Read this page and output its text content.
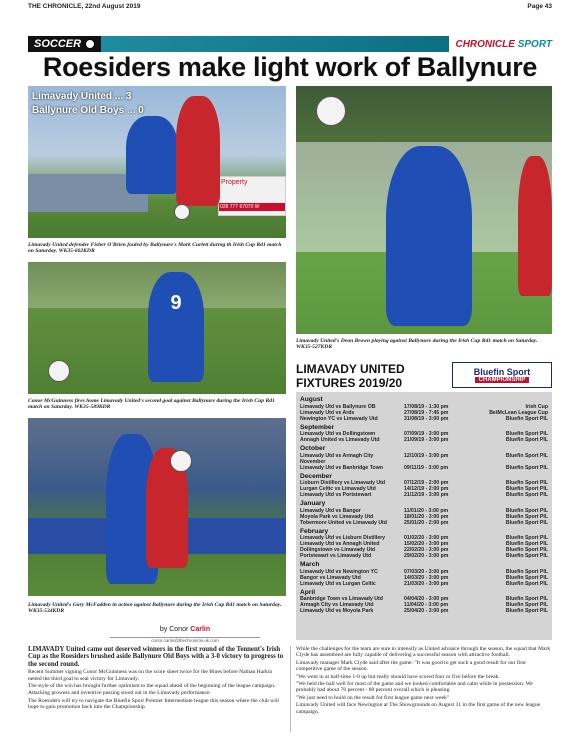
THE CHRONICLE, 22nd August 2019	Page 43
SOCCER	CHRONICLE SPORT
Roesiders make light work of Ballynure
Property
028 777 67070 W
Limavady United ... 3
Ballynure Old Boys ... 0
Limavady United defender Fisher O'Brien fouled by Ballynure's Mark Curlett during th Irish Cup Rd1 match on Saturday. WK35-602KDR
9
Conor McGuinness fires home Limavady United's second goal against Ballynure during the Irish Cup Rd1 match on Saturday. WK35-589KDR
Limavady United's Gary McFadden in action against Ballynure during the Irish Cup Rd1 match on Saturday. WK35-534KDR
Limavady United's Dean Brown playing against Ballynure during the Irish Cup Rd1 match on Saturday. WK35-527KDR
LIMAVADY UNITED
FIXTURES 2019/20
Bluefin Sport
CHAMPIONSHIP
August
Limavady Utd vs Ballynure OB	17/08/19 - 1:30 pm	Irish Cup
Limavady Utd vs Ards	27/08/19 - 7:45 pm	BetMcLean League Cup
Newington YC vs Limavady Utd	31/08/19 - 3:00 pm	Bluefin Sport PIL
September
Limavady Utd vs Dollingstown	07/09/19 - 3:00 pm	Bluefin Sport PIL
Annagh United vs Limavady Utd	21/09/19 - 3:00 pm	Bluefin Sport PIL
October
Limavady Utd vs Armagh City	12/10/19 - 3:00 pm	Bluefin Sport PIL
November
Limavady Utd vs Banbridge Town	09/11/19 - 3:00 pm	Bluefin Sport PIL
December
Lisburn Distillery vs Limavady Utd	07/12/19 - 2:00 pm	Bluefin Sport PIL
Lurgan Celtic vs Limavady Utd	14/12/19 - 2:00 pm	Bluefin Sport PIL
Limavady Utd vs Portstewart	21/12/19 - 3:00 pm	Bluefin Sport PIL
January
Limavady Utd vs Bangor	11/01/20 - 3:00 pm	Bluefin Sport PIL
Moyola Park vs Limavady Utd	18/01/20 - 3:00 pm	Bluefin Sport PIL
Tobermore United vs Limavady Utd	25/01/20 - 2:00 pm	Bluefin Sport PIL
February
Limavady Utd vs Lisburn Distillery	01/02/20 - 3:00 pm	Bluefin Sport PIL
Limavady Utd vs Annagh United	15/02/20 - 3:00 pm	Bluefin Sport PIL
Dollingstown vs Limavady Utd	22/02/20 - 3:00 pm	Bluefin Sport PIL
Portstewart vs Limavady Utd	29/02/20 - 3:00 pm	Bluefin Sport PIL
March
Limavady Utd vs Newington YC	07/03/20 - 3:00 pm	Bluefin Sport PIL
Bangor vs Limavady Utd	14/03/20 - 3:00 pm	Bluefin Sport PIL
Limavady Utd vs Lurgan Celtic	21/03/20 - 3:00 pm	Bluefin Sport PIL
April
Banbridge Town vs Limavady Utd	04/04/20 - 3:00 pm	Bluefin Sport PIL
Armagh City vs Limavady Utd	11/04/20 - 3:00 pm	Bluefin Sport PIL
Limavady Utd vs Moyola Park	25/04/20 - 3:00 pm	Bluefin Sport PIL
by Conor Carlin
conor.carlin@thechronicle.uk.com

LIMAVADY United came out deserved winners in the first round of the Tennent's Irish Cup as the Roesiders brushed aside Ballynure Old Boys with a 3-0 victory to progress to the second round.

Recent Summer signing Conor McGuinness was on the score sheet twice for the Blues before Nathan Harkin netted the third goal to seal victory for Limavady.

The style of the win has brought further optimism to the squad ahead of the beginning of the league campaign.

Attacking prowess and inventive passing stood out in the Limavady performance.

The Roesiders will try to navigate the Bluefin Sport Premier Intermediate league this season where the club will hope to gain promotion back into the Championship.

While the challenges for the team are sure to intensify as United advance through the season, the squad that Mark Clyde has assembled are fully capable of delivering a successful season with attractive football.

Limavady manager Mark Clyde said after the game: "It was good to get such a good result for our first competitive game of the season.

"We went in at half-time 1-0 up but really should have scored four or five before the break.

"We held the ball well for most of the game and we looked comfortable and calm while in possession. We probably had about 70 percent - 80 percent overall which is pleasing.

"We just need to build on the result for first league game next week"

Limavady United will face Newington at The Showgrounds on August 31 in the first game of the new league campaign.
